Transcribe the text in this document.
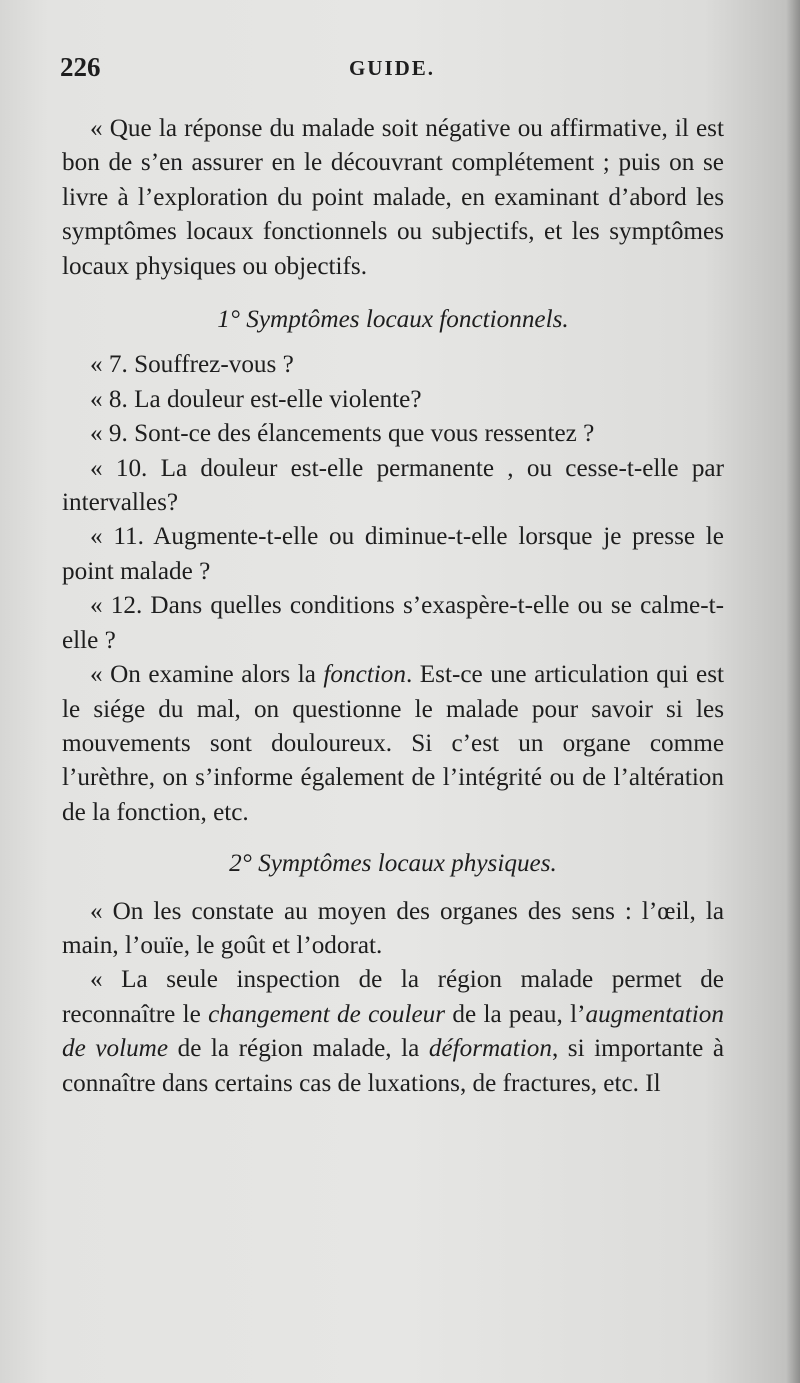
226	GUIDE.

« Que la réponse du malade soit négative ou affirmative, il est bon de s’en assurer en le découvrant complétement ; puis on se livre à l’exploration du point malade, en examinant d’abord les symptômes locaux fonctionnels ou subjectifs, et les symptômes locaux physiques ou objectifs.

1° Symptômes locaux fonctionnels.

« 7. Souffrez-vous ?

« 8. La douleur est-elle violente?

« 9. Sont-ce des élancements que vous ressentez ?

« 10. La douleur est-elle permanente , ou cesse-t-elle par intervalles?

« 11. Augmente-t-elle ou diminue-t-elle lorsque je presse le point malade ?

« 12. Dans quelles conditions s’exaspère-t-elle ou se calme-t-elle ?

« On examine alors la fonction. Est-ce une articulation qui est le siége du mal, on questionne le malade pour savoir si les mouvements sont douloureux. Si c’est un organe comme l’urèthre, on s’informe également de l’intégrité ou de l’altération de la fonction, etc.

2° Symptômes locaux physiques.

« On les constate au moyen des organes des sens : l’œil, la main, l’ouïe, le goût et l’odorat.

« La seule inspection de la région malade permet de reconnaître le changement de couleur de la peau, l’augmentation de volume de la région malade, la déformation, si importante à connaître dans certains cas de luxations, de fractures, etc. Il
